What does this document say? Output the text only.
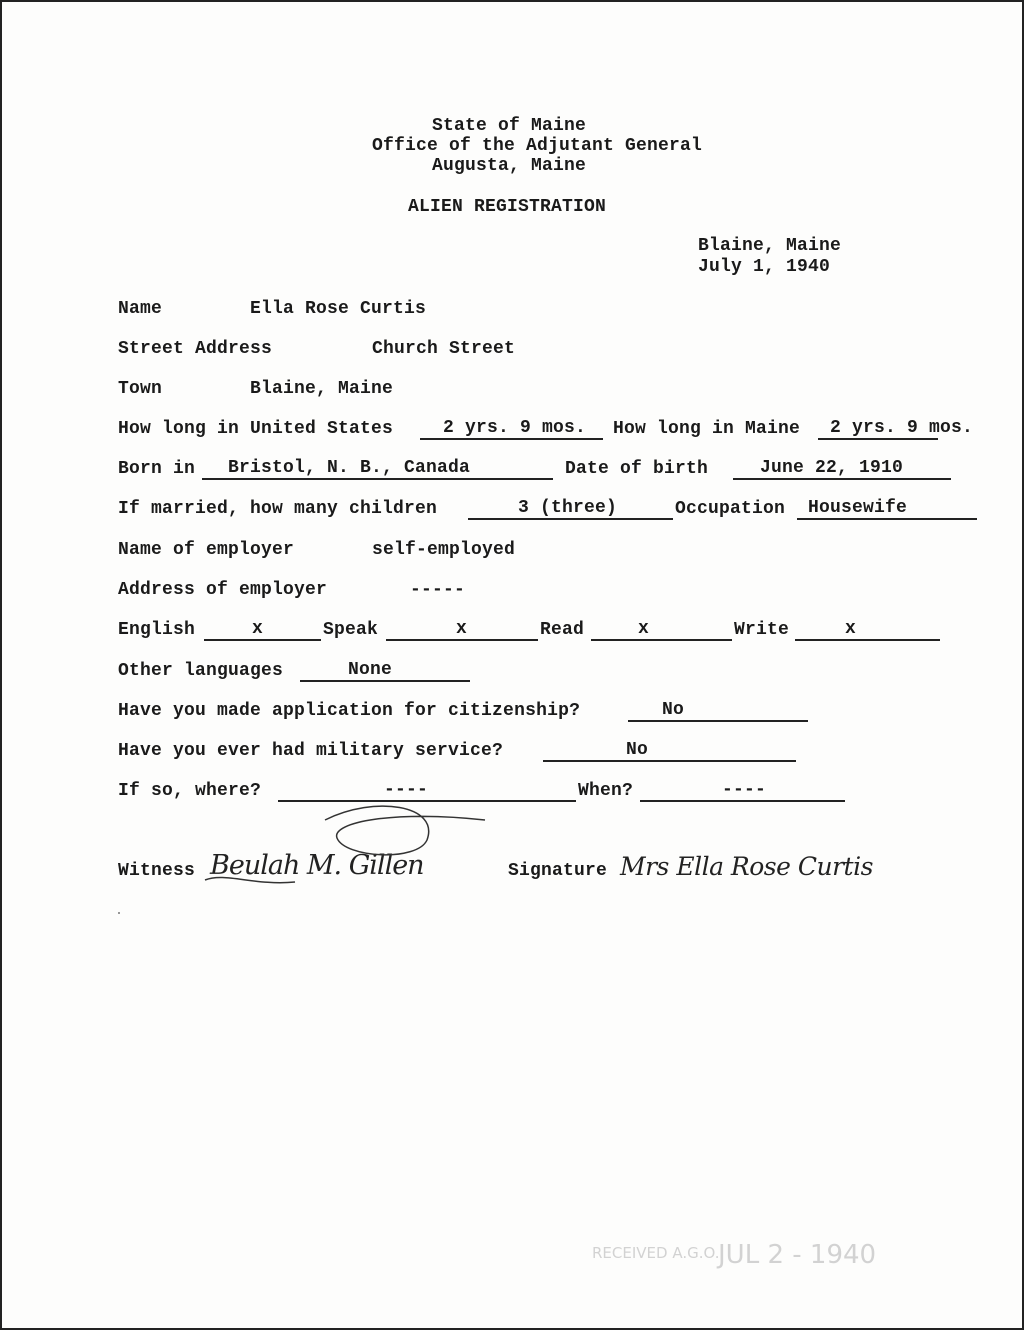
State of Maine
Office of the Adjutant General
Augusta, Maine
ALIEN REGISTRATION
Blaine, Maine
July 1, 1940
Name	Ella Rose Curtis
Street Address	Church Street
Town	Blaine, Maine
How long in United States	2 yrs. 9 mos. How long in Maine 2 yrs. 9 mos.
Born in Bristol, N. B., Canada	Date of birth	June 22, 1910
If married, how many children	3 (three)	Occupation Housewife
Name of employer	self-employed
Address of employer	-----
English	x	Speak	x	Read	x	Write	x
Other languages	None
Have you made application for citizenship?	No
Have you ever had military service?	No
If so, where?	----	When?	----
Witness Beulah M. Gillen	Signature Mrs Ella Rose Curtis
RECEIVED A.G.O.
JUL 2 - 1940
